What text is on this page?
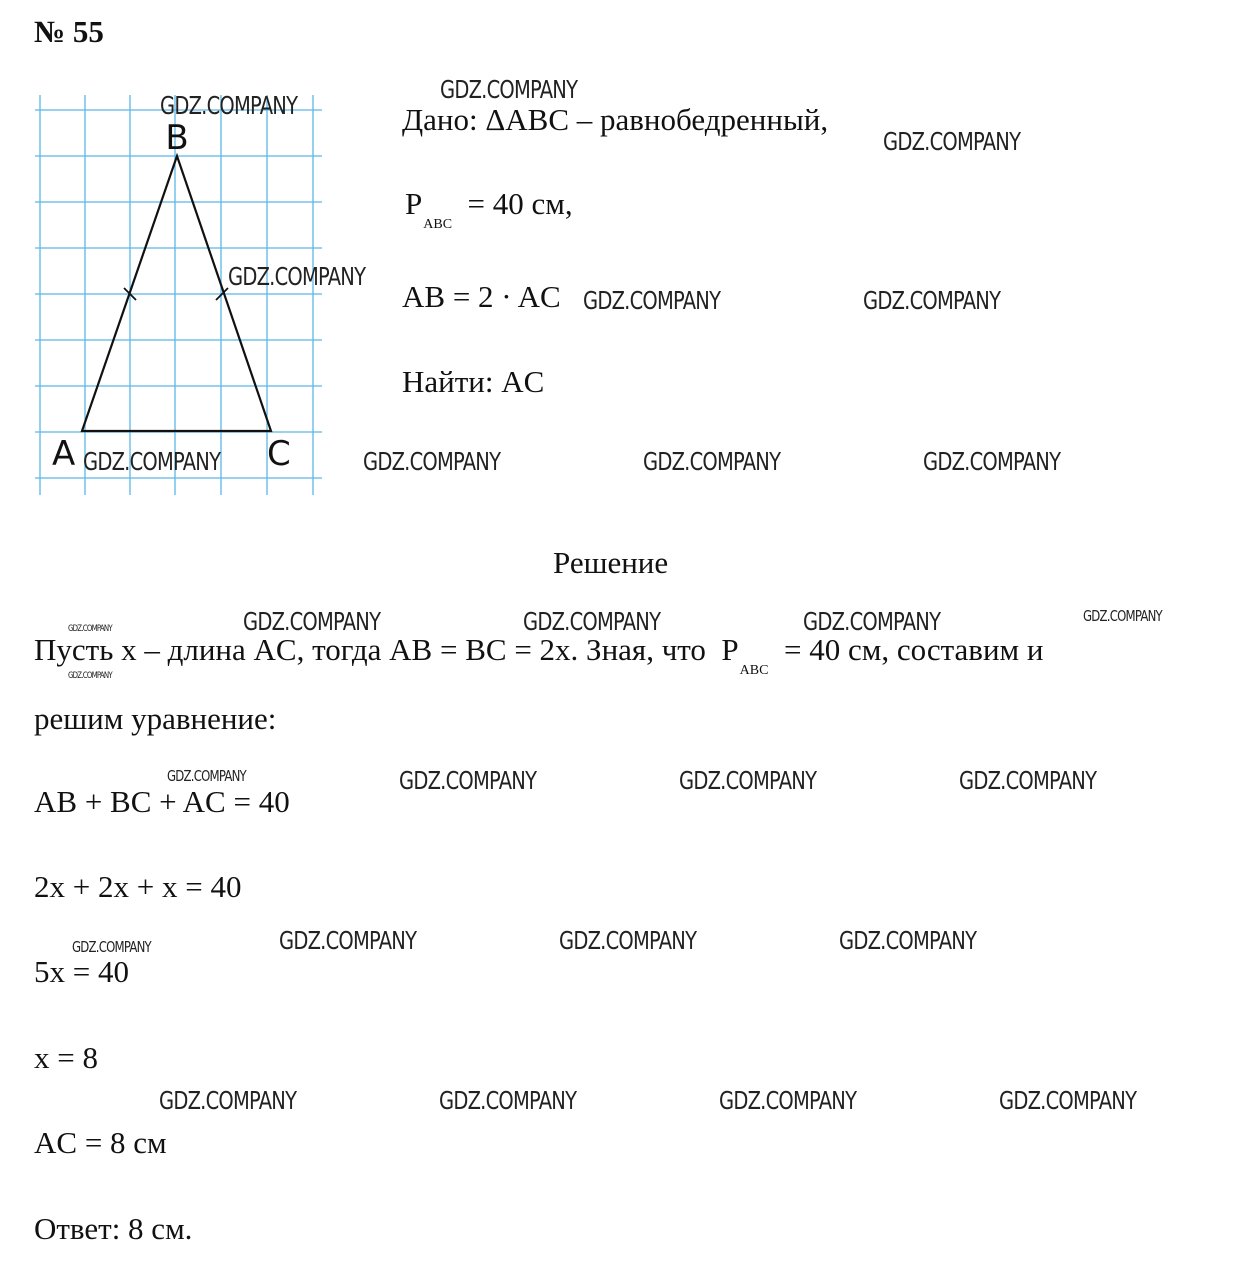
№ 55
B
A	C
Дано: ΔABC – равнобедренный,
$P_{ABC} = 40$ см,
AB = 2 · AC
Найти: AC
Решение
Пусть x – длина AC, тогда AB = BC = 2x. Зная, что $P_{ABC} = 40$ см, составим и
решим уравнение:
AB + BC + AC = 40
2x + 2x + x = 40
5x = 40
x = 8
AC = 8 см
Ответ: 8 см.
GDZ.COMPANY
GDZ.COMPANY
GDZ.COMPANY
GDZ.COMPANY
GDZ.COMPANY	GDZ.COMPANY
GDZ.COMPANY	GDZ.COMPANY	GDZ.COMPANY	GDZ.COMPANY
GDZ.COMPANY	GDZ.COMPANY	GDZ.COMPANY	GDZ.COMPANY
GDZ.COMPANY
GDZ.COMPANY
GDZ.COMPANY	GDZ.COMPANY	GDZ.COMPANY	GDZ.COMPANY
GDZ.COMPANY	GDZ.COMPANY	GDZ.COMPANY	GDZ.COMPANY
GDZ.COMPANY	GDZ.COMPANY	GDZ.COMPANY	GDZ.COMPANY
